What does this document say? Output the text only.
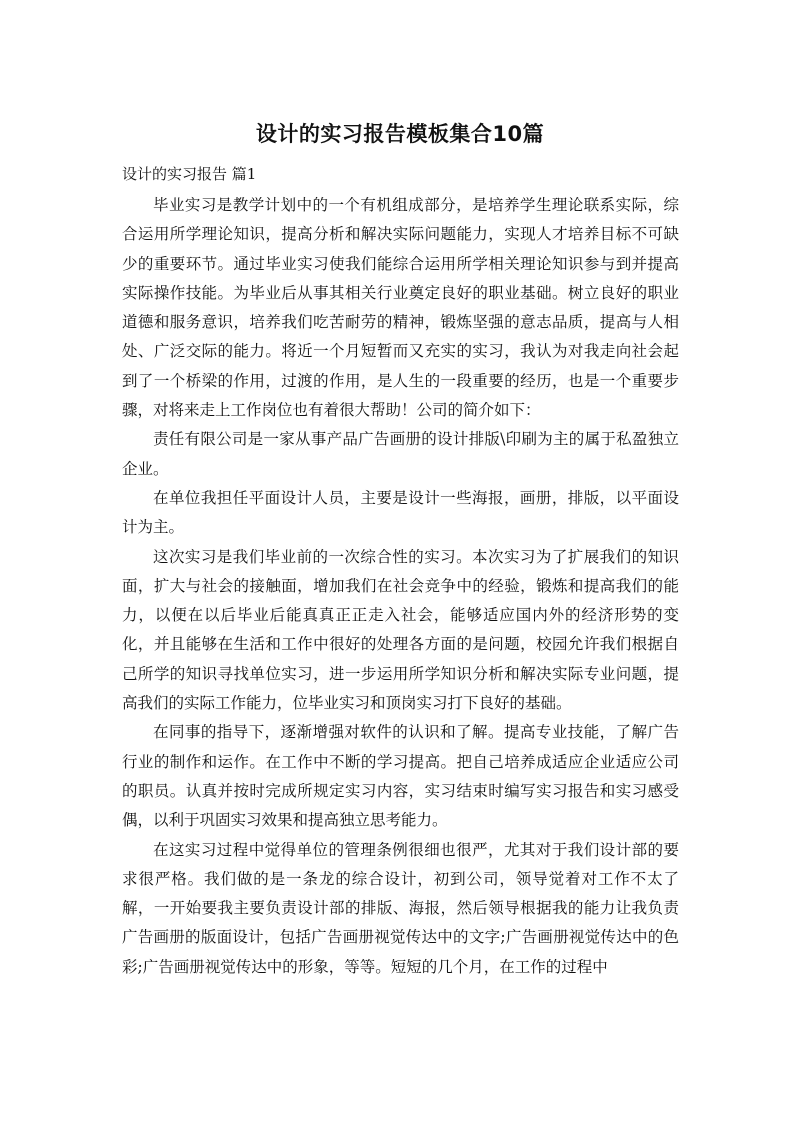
设计的实习报告模板集合10篇
设计的实习报告 篇1

毕业实习是教学计划中的一个有机组成部分，是培养学生理论联系实际，综合运用所学理论知识，提高分析和解决实际问题能力，实现人才培养目标不可缺少的重要环节。通过毕业实习使我们能综合运用所学相关理论知识参与到并提高实际操作技能。为毕业后从事其相关行业奠定良好的职业基础。树立良好的职业道德和服务意识，培养我们吃苦耐劳的精神，锻炼坚强的意志品质，提高与人相处、广泛交际的能力。将近一个月短暂而又充实的实习，我认为对我走向社会起到了一个桥梁的作用，过渡的作用，是人生的一段重要的经历，也是一个重要步骤，对将来走上工作岗位也有着很大帮助！公司的简介如下：

责任有限公司是一家从事产品广告画册的设计排版\印刷为主的属于私盈独立企业。

在单位我担任平面设计人员，主要是设计一些海报，画册，排版，以平面设计为主。

这次实习是我们毕业前的一次综合性的实习。本次实习为了扩展我们的知识面，扩大与社会的接触面，增加我们在社会竞争中的经验，锻炼和提高我们的能力，以便在以后毕业后能真真正正走入社会，能够适应国内外的经济形势的变化，并且能够在生活和工作中很好的处理各方面的是问题，校园允许我们根据自己所学的知识寻找单位实习，进一步运用所学知识分析和解决实际专业问题，提高我们的实际工作能力，位毕业实习和顶岗实习打下良好的基础。

在同事的指导下，逐渐增强对软件的认识和了解。提高专业技能，了解广告行业的制作和运作。在工作中不断的学习提高。把自己培养成适应企业适应公司的职员。认真并按时完成所规定实习内容，实习结束时编写实习报告和实习感受偶，以利于巩固实习效果和提高独立思考能力。

在这实习过程中觉得单位的管理条例很细也很严，尤其对于我们设计部的要求很严格。我们做的是一条龙的综合设计，初到公司，领导觉着对工作不太了解，一开始要我主要负责设计部的排版、海报，然后领导根据我的能力让我负责广告画册的版面设计，包括广告画册视觉传达中的文字;广告画册视觉传达中的色彩;广告画册视觉传达中的形象，等等。短短的几个月，在工作的过程中
